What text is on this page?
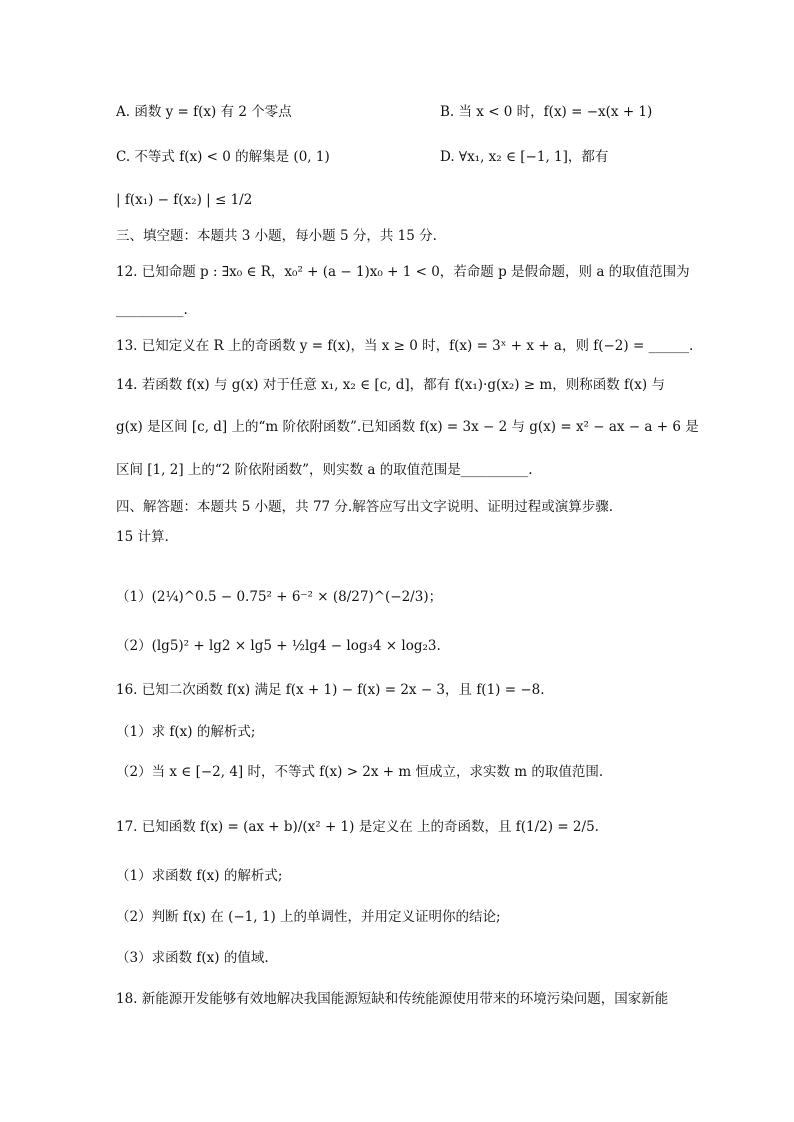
A. 函数 y = f(x) 有 2 个零点	B. 当 x < 0 时，f(x) = −x(x + 1)
C. 不等式 f(x) < 0 的解集是 (0, 1)	D. ∀x₁, x₂ ∈ [−1, 1]，都有
| f(x₁) − f(x₂) | ≤ 1/2
三、填空题：本题共 3 小题，每小题 5 分，共 15 分.
12. 已知命题 p : ∃x₀ ∈ R，x₀² + (a − 1)x₀ + 1 < 0，若命题 p 是假命题，则 a 的取值范围为
__________.
13. 已知定义在 R 上的奇函数 y = f(x)，当 x ≥ 0 时，f(x) = 3ˣ + x + a，则 f(−2) = ______.
14. 若函数 f(x) 与 g(x) 对于任意 x₁, x₂ ∈ [c, d]，都有 f(x₁)·g(x₂) ≥ m，则称函数 f(x) 与
g(x) 是区间 [c, d] 上的“m 阶依附函数”.已知函数 f(x) = 3x − 2 与 g(x) = x² − ax − a + 6 是
区间 [1, 2] 上的“2 阶依附函数”，则实数 a 的取值范围是__________.
四、解答题：本题共 5 小题，共 77 分.解答应写出文字说明、证明过程或演算步骤.
15 计算.
（1）(2¼)^0.5 − 0.75² + 6⁻² × (8/27)^(−2/3)；
（2）(lg5)² + lg2 × lg5 + ½lg4 − log₃4 × log₂3.
16. 已知二次函数 f(x) 满足 f(x + 1) − f(x) = 2x − 3，且 f(1) = −8.
（1）求 f(x) 的解析式;
（2）当 x ∈ [−2, 4] 时，不等式 f(x) > 2x + m 恒成立，求实数 m 的取值范围.
17. 已知函数 f(x) = (ax + b)/(x² + 1) 是定义在 上的奇函数，且 f(1/2) = 2/5.
（1）求函数 f(x) 的解析式;
（2）判断 f(x) 在 (−1, 1) 上的单调性，并用定义证明你的结论;
（3）求函数 f(x) 的值域.
18. 新能源开发能够有效地解决我国能源短缺和传统能源使用带来的环境污染问题，国家新能
